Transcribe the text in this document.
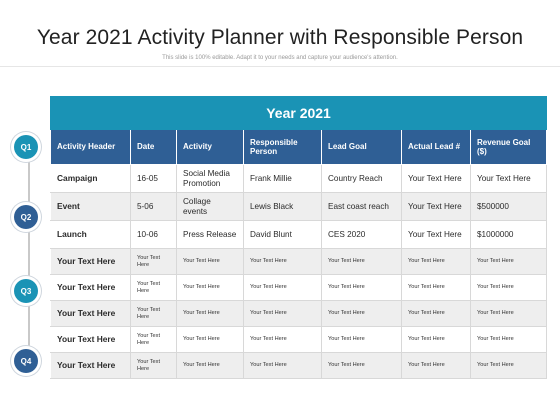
Year 2021 Activity Planner with Responsible Person
This slide is 100% editable. Adapt it to your needs and capture your audience's attention.
Q1
Q2
Q3
Q4
Year 2021						
Activity Header	Date	Activity	Responsible Person	Lead Goal	Actual Lead #	Revenue Goal ($)
Campaign	16-05	Social Media Promotion	Frank Millie	Country Reach	Your Text Here	Your Text Here
Event	5-06	Collage events	Lewis Black	East coast reach	Your Text Here	$500000
Launch	10-06	Press Release	David Blunt	CES 2020	Your Text Here	$1000000
Your Text Here	Your Text Here	Your Text Here	Your Text Here	Your Text Here	Your Text Here	Your Text Here
Your Text Here	Your Text Here	Your Text Here	Your Text Here	Your Text Here	Your Text Here	Your Text Here
Your Text Here	Your Text Here	Your Text Here	Your Text Here	Your Text Here	Your Text Here	Your Text Here
Your Text Here	Your Text Here	Your Text Here	Your Text Here	Your Text Here	Your Text Here	Your Text Here
Your Text Here	Your Text Here	Your Text Here	Your Text Here	Your Text Here	Your Text Here	Your Text Here
